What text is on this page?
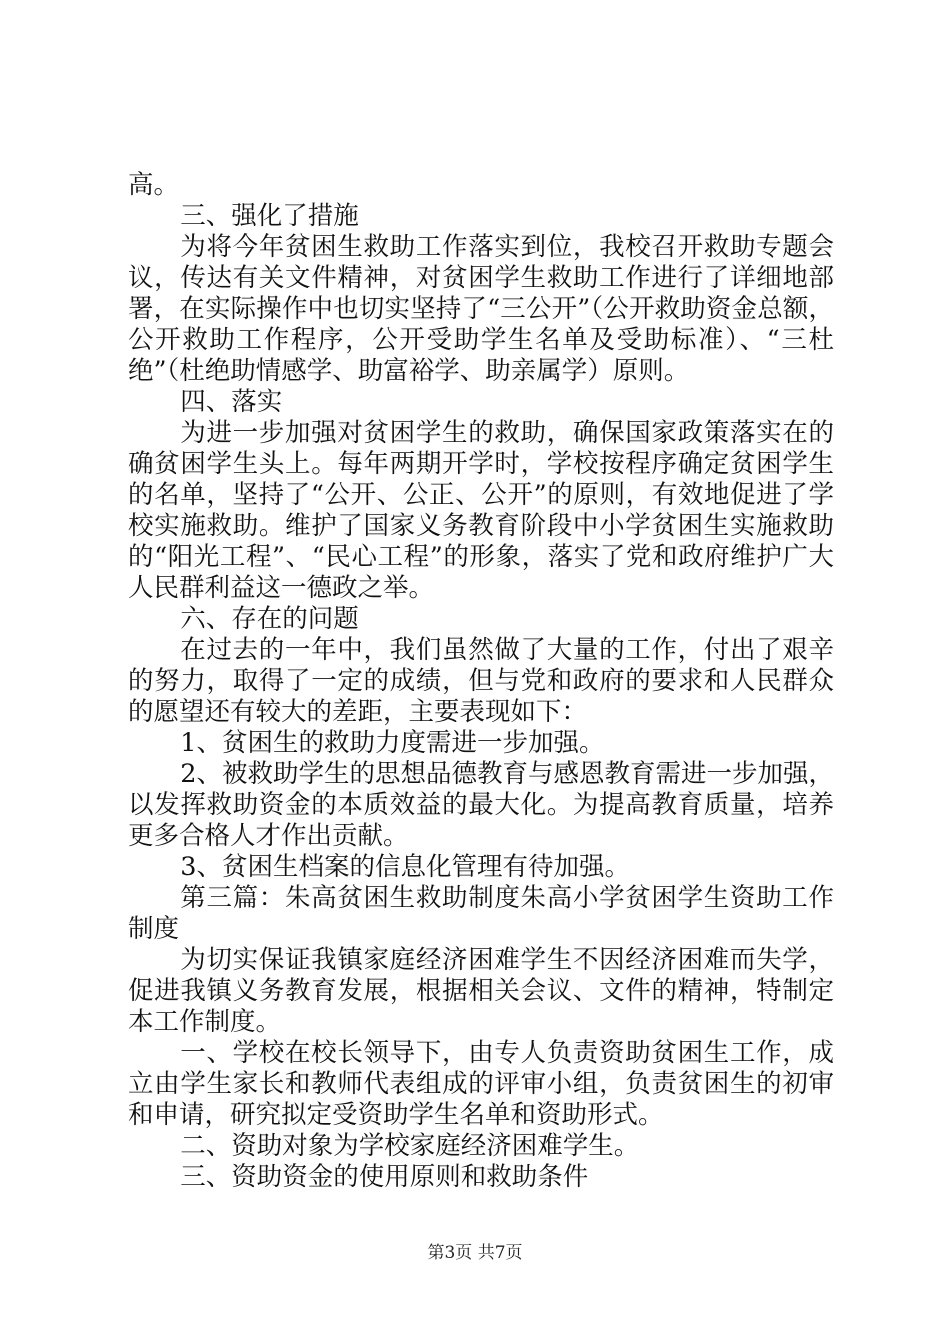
高。

三、强化了措施

为将今年贫困生救助工作落实到位，我校召开救助专题会议，传达有关文件精神，对贫困学生救助工作进行了详细地部署，在实际操作中也切实坚持了“三公开”（公开救助资金总额，公开救助工作程序，公开受助学生名单及受助标准）、“三杜绝”（杜绝助情感学、助富裕学、助亲属学）原则。

四、落实

为进一步加强对贫困学生的救助，确保国家政策落实在的确贫困学生头上。每年两期开学时，学校按程序确定贫困学生的名单，坚持了“公开、公正、公开”的原则，有效地促进了学校实施救助。维护了国家义务教育阶段中小学贫困生实施救助的“阳光工程”、“民心工程”的形象，落实了党和政府维护广大人民群利益这一德政之举。

六、存在的问题

在过去的一年中，我们虽然做了大量的工作，付出了艰辛的努力，取得了一定的成绩，但与党和政府的要求和人民群众的愿望还有较大的差距，主要表现如下：

1、贫困生的救助力度需进一步加强。

2、被救助学生的思想品德教育与感恩教育需进一步加强，以发挥救助资金的本质效益的最大化。为提高教育质量，培养更多合格人才作出贡献。

3、贫困生档案的信息化管理有待加强。

第三篇：朱高贫困生救助制度朱高小学贫困学生资助工作制度

为切实保证我镇家庭经济困难学生不因经济困难而失学，促进我镇义务教育发展，根据相关会议、文件的精神，特制定本工作制度。

一、学校在校长领导下，由专人负责资助贫困生工作，成立由学生家长和教师代表组成的评审小组，负责贫困生的初审和申请，研究拟定受资助学生名单和资助形式。

二、资助对象为学校家庭经济困难学生。

三、资助资金的使用原则和救助条件

第3页 共7页
